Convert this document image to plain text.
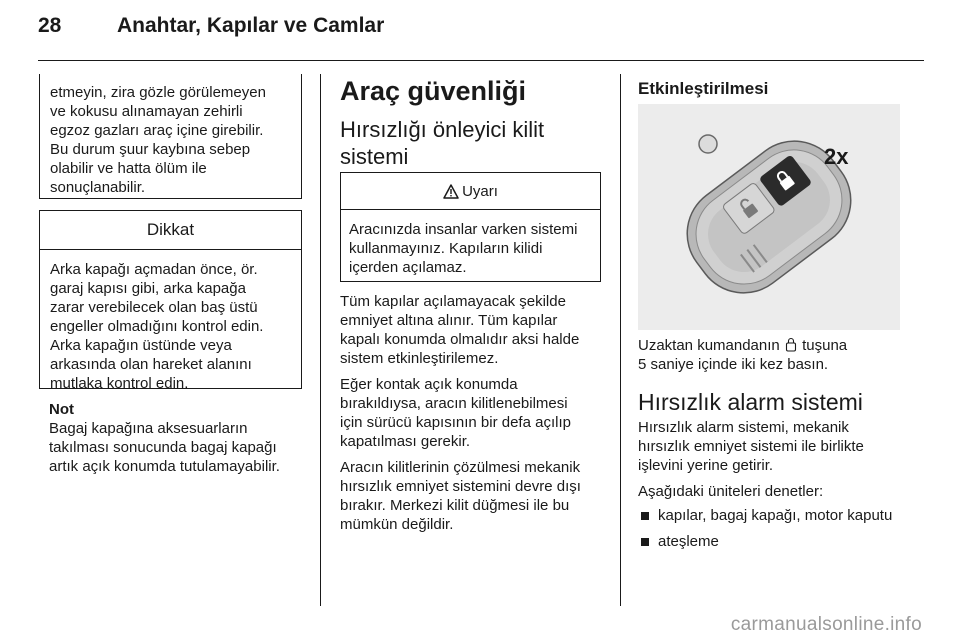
28	Anahtar, Kapılar ve Camlar

etmeyin, zira gözle görülemeyen

ve kokusu alınamayan zehirli

egzoz gazları araç içine girebilir.

Bu durum şuur kaybına sebep

olabilir ve hatta ölüm ile

sonuçlanabilir.

Dikkat

Arka kapağı açmadan önce, ör.

garaj kapısı gibi, arka kapağa

zarar verebilecek olan baş üstü

engeller olmadığını kontrol edin.

Arka kapağın üstünde veya

arkasında olan hareket alanını

mutlaka kontrol edin.

Not

Bagaj kapağına aksesuarların

takılması sonucunda bagaj kapağı

artık açık konumda tutulamayabilir.

Araç güvenliği
Hırsızlığı önleyici kilit
sistemi
Uyarı

Aracınızda insanlar varken sistemi

kullanmayınız. Kapıların kilidi

içerden açılamaz.

Tüm kapılar açılamayacak şekilde

emniyet altına alınır. Tüm kapılar

kapalı konumda olmalıdır aksi halde

sistem etkinleştirilemez.

Eğer kontak açık konumda

bırakıldıysa, aracın kilitlenebilmesi

için sürücü kapısının bir defa açılıp

kapatılması gerekir.

Aracın kilitlerinin çözülmesi mekanik

hırsızlık emniyet sistemini devre dışı

bırakır. Merkezi kilit düğmesi ile bu

mümkün değildir.

Etkinleştirilmesi
2x

Uzaktan kumandanın tuşuna

5 saniye içinde iki kez basın.

Hırsızlık alarm sistemi

Hırsızlık alarm sistemi, mekanik

hırsızlık emniyet sistemi ile birlikte

işlevini yerine getirir.

Aşağıdaki üniteleri denetler:

kapılar, bagaj kapağı, motor kaputu
ateşleme
carmanualsonline.info
